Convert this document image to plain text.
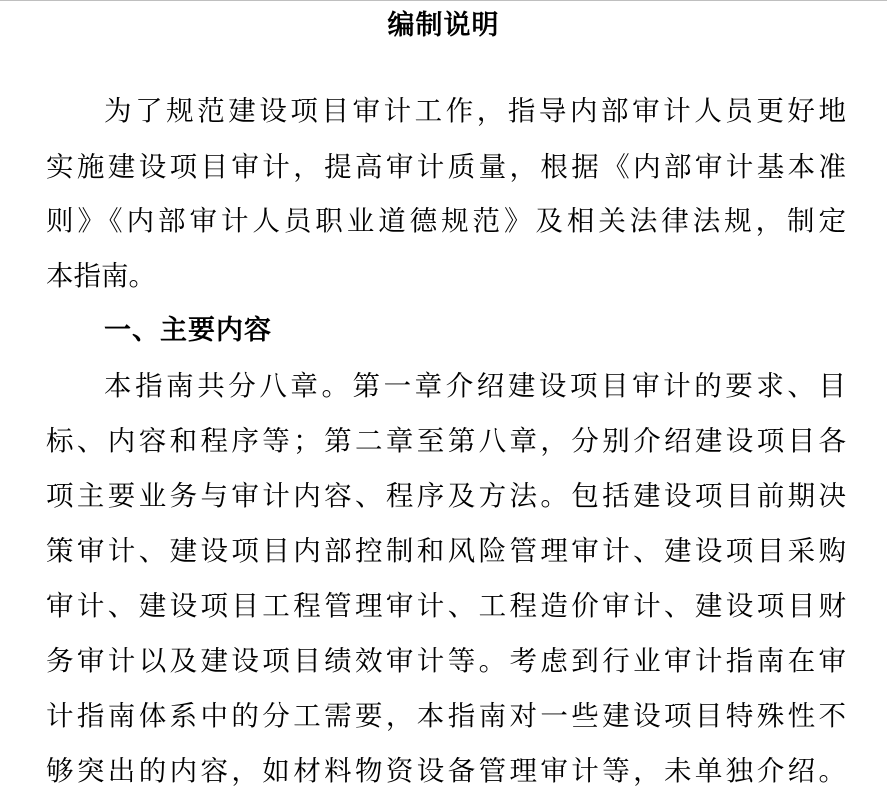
编制说明
为了规范建设项目审计工作，指导内部审计人员更好地
实施建设项目审计，提高审计质量，根据《内部审计基本准
则》《内部审计人员职业道德规范》及相关法律法规，制定
本指南。
一、主要内容
本指南共分八章。第一章介绍建设项目审计的要求、目
标、内容和程序等；第二章至第八章，分别介绍建设项目各
项主要业务与审计内容、程序及方法。包括建设项目前期决
策审计、建设项目内部控制和风险管理审计、建设项目采购
审计、建设项目工程管理审计、工程造价审计、建设项目财
务审计以及建设项目绩效审计等。考虑到行业审计指南在审
计指南体系中的分工需要，本指南对一些建设项目特殊性不
够突出的内容，如材料物资设备管理审计等，未单独介绍。
